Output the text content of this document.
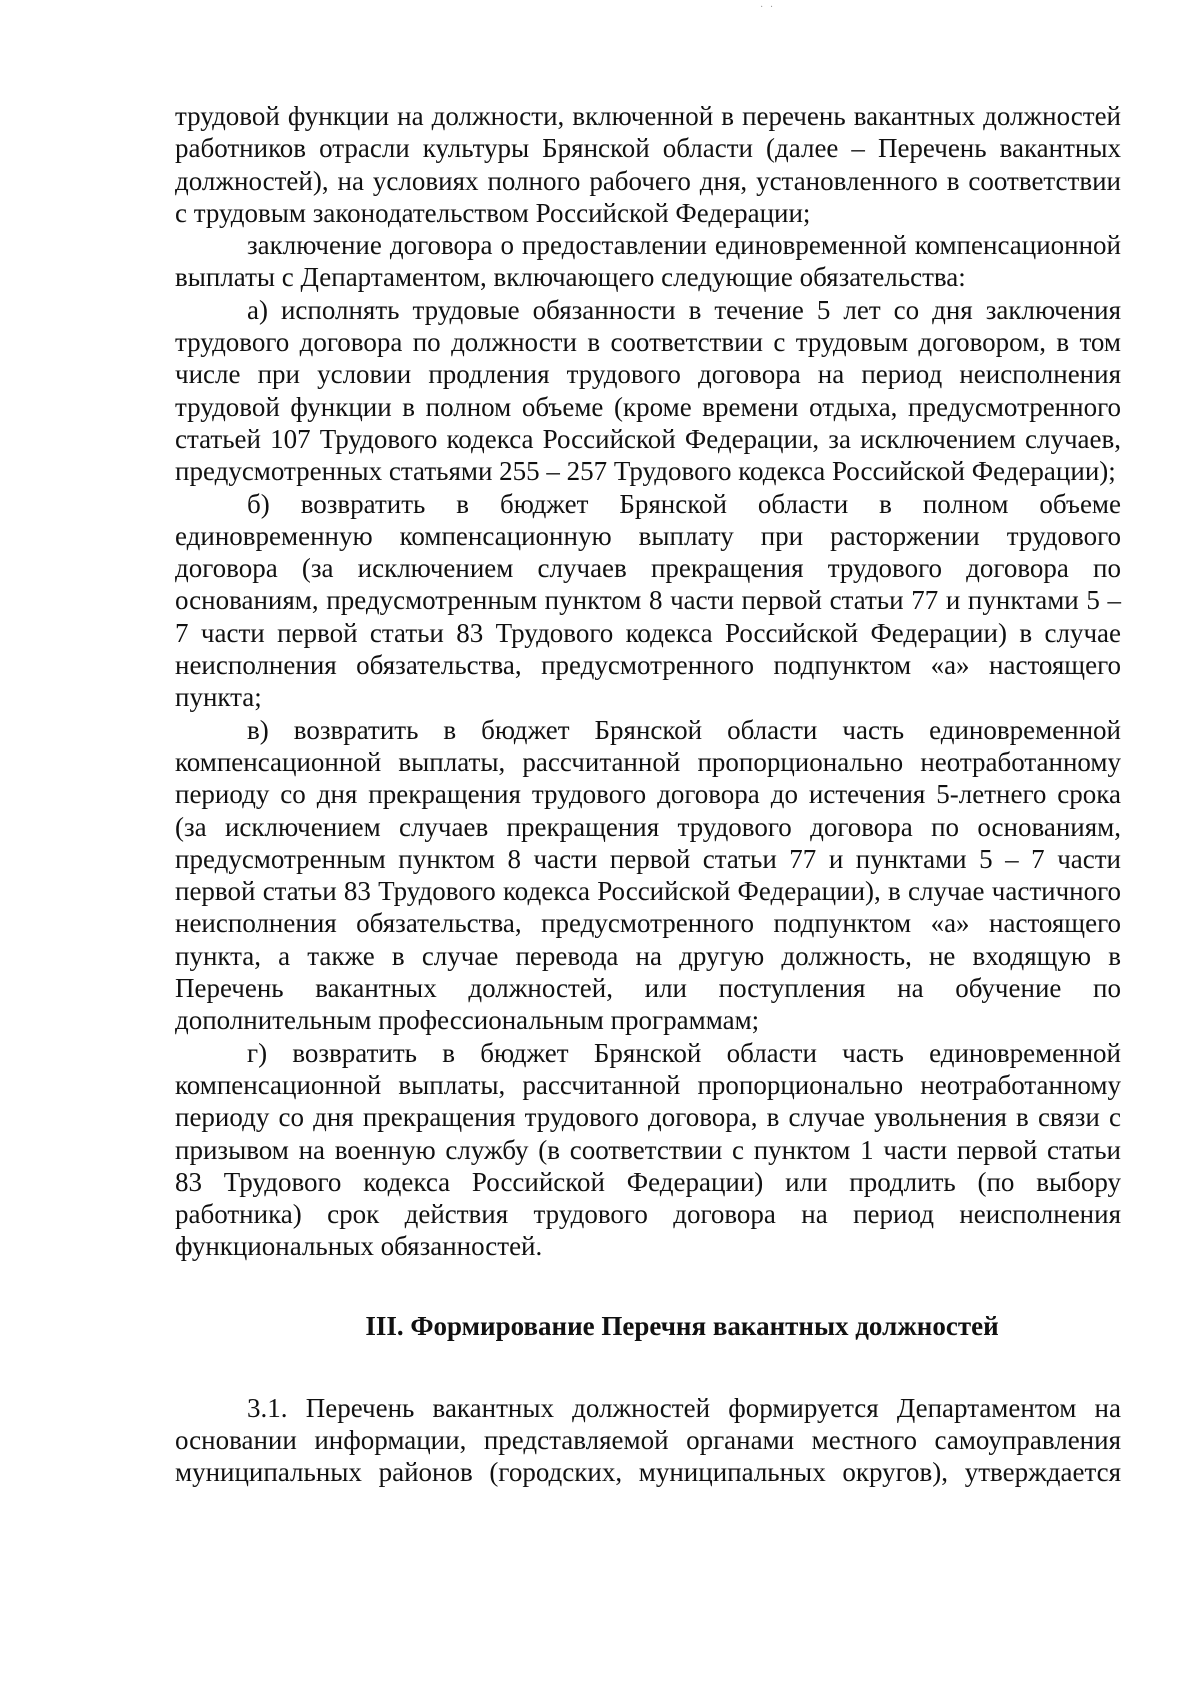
· ·

трудовой функции на должности, включенной в перечень вакантных должностей работников отрасли культуры Брянской области (далее – Перечень вакантных должностей), на условиях полного рабочего дня, установленного в соответствии с трудовым законодательством Российской Федерации;

заключение договора о предоставлении единовременной компенсационной выплаты с Департаментом, включающего следующие обязательства:

а) исполнять трудовые обязанности в течение 5 лет со дня заключения трудового договора по должности в соответствии с трудовым договором, в том числе при условии продления трудового договора на период неисполнения трудовой функции в полном объеме (кроме времени отдыха, предусмотренного статьей 107 Трудового кодекса Российской Федерации, за исключением случаев, предусмотренных статьями 255 – 257 Трудового кодекса Российской Федерации);

б) возвратить в бюджет Брянской области в полном объеме единовременную компенсационную выплату при расторжении трудового договора (за исключением случаев прекращения трудового договора по основаниям, предусмотренным пунктом 8 части первой статьи 77 и пунктами 5 – 7 части первой статьи 83 Трудового кодекса Российской Федерации) в случае неисполнения обязательства, предусмотренного подпунктом «а» настоящего пункта;

в) возвратить в бюджет Брянской области часть единовременной компенсационной выплаты, рассчитанной пропорционально неотработанному периоду со дня прекращения трудового договора до истечения 5-летнего срока (за исключением случаев прекращения трудового договора по основаниям, предусмотренным пунктом 8 части первой статьи 77 и пунктами 5 – 7 части первой статьи 83 Трудового кодекса Российской Федерации), в случае частичного неисполнения обязательства, предусмотренного подпунктом «а» настоящего пункта, а также в случае перевода на другую должность, не входящую в Перечень вакантных должностей, или поступления на обучение по дополнительным профессиональным программам;

г) возвратить в бюджет Брянской области часть единовременной компенсационной выплаты, рассчитанной пропорционально неотработанному периоду со дня прекращения трудового договора, в случае увольнения в связи с призывом на военную службу (в соответствии с пунктом 1 части первой статьи 83 Трудового кодекса Российской Федерации) или продлить (по выбору работника) срок действия трудового договора на период неисполнения функциональных обязанностей.

III. Формирование Перечня вакантных должностей

3.1. Перечень вакантных должностей формируется Департаментом на основании информации, представляемой органами местного самоуправления муниципальных районов (городских, муниципальных округов), утверждается
